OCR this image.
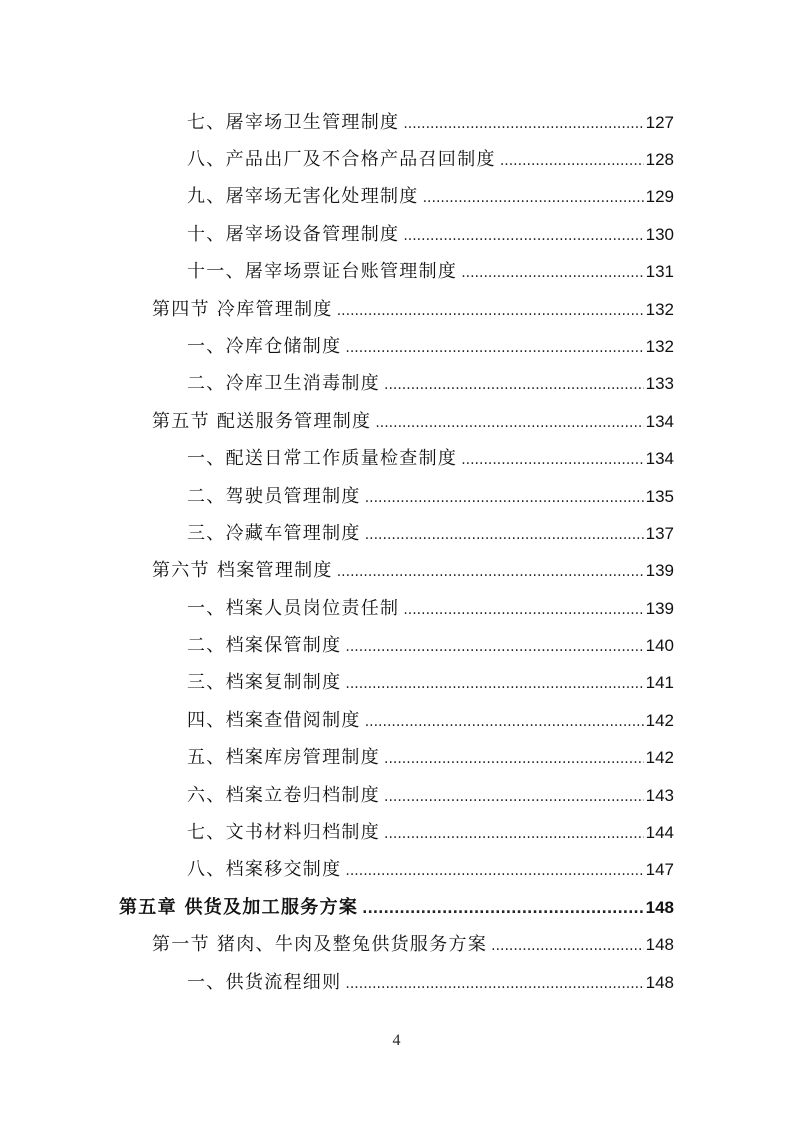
七、屠宰场卫生管理制度 .....	127
八、产品出厂及不合格产品召回制度 .....	128
九、屠宰场无害化处理制度 .....	129
十、屠宰场设备管理制度 .....	130
十一、屠宰场票证台账管理制度 .....	131
第四节 冷库管理制度 .....	132
一、冷库仓储制度 .....	132
二、冷库卫生消毒制度 .....	133
第五节 配送服务管理制度 .....	134
一、配送日常工作质量检查制度 .....	134
二、驾驶员管理制度 .....	135
三、冷藏车管理制度 .....	137
第六节 档案管理制度 .....	139
一、档案人员岗位责任制 .....	139
二、档案保管制度 .....	140
三、档案复制制度 .....	141
四、档案查借阅制度 .....	142
五、档案库房管理制度 .....	142
六、档案立卷归档制度 .....	143
七、文书材料归档制度 .....	144
八、档案移交制度 .....	147
第五章 供货及加工服务方案 .....	148
第一节 猪肉、牛肉及整兔供货服务方案 .....	148
一、供货流程细则 .....	148
4
